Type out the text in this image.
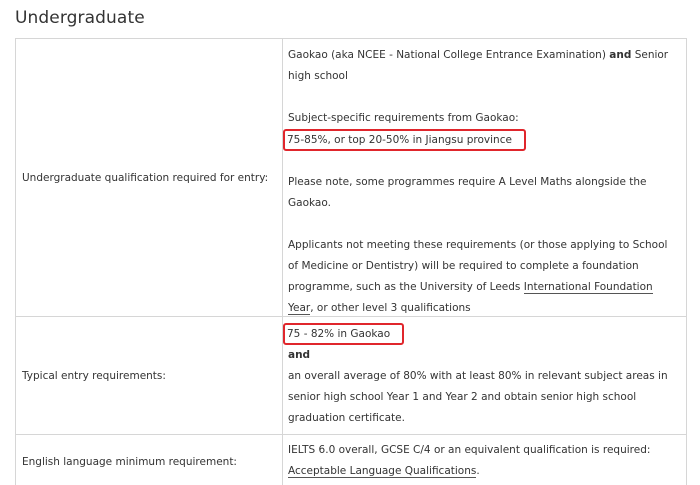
Undergraduate
Undergraduate qualification required for entry:

Gaokao (aka NCEE - National College Entrance Examination) and Senior high school

Subject-specific requirements from Gaokao:

75-85%, or top 20-50% in Jiangsu province

Please note, some programmes require A Level Maths alongside the Gaokao.

Applicants not meeting these requirements (or those applying to School of Medicine or Dentistry) will be required to complete a foundation programme, such as the University of Leeds International Foundation Year, or other level 3 qualifications

Typical entry requirements:

75 - 82% in Gaokao

and

an overall average of 80% with at least 80% in relevant subject areas in senior high school Year 1 and Year 2 and obtain senior high school graduation certificate.

English language minimum requirement:

IELTS 6.0 overall, GCSE C/4 or an equivalent qualification is required:

Acceptable Language Qualifications.
